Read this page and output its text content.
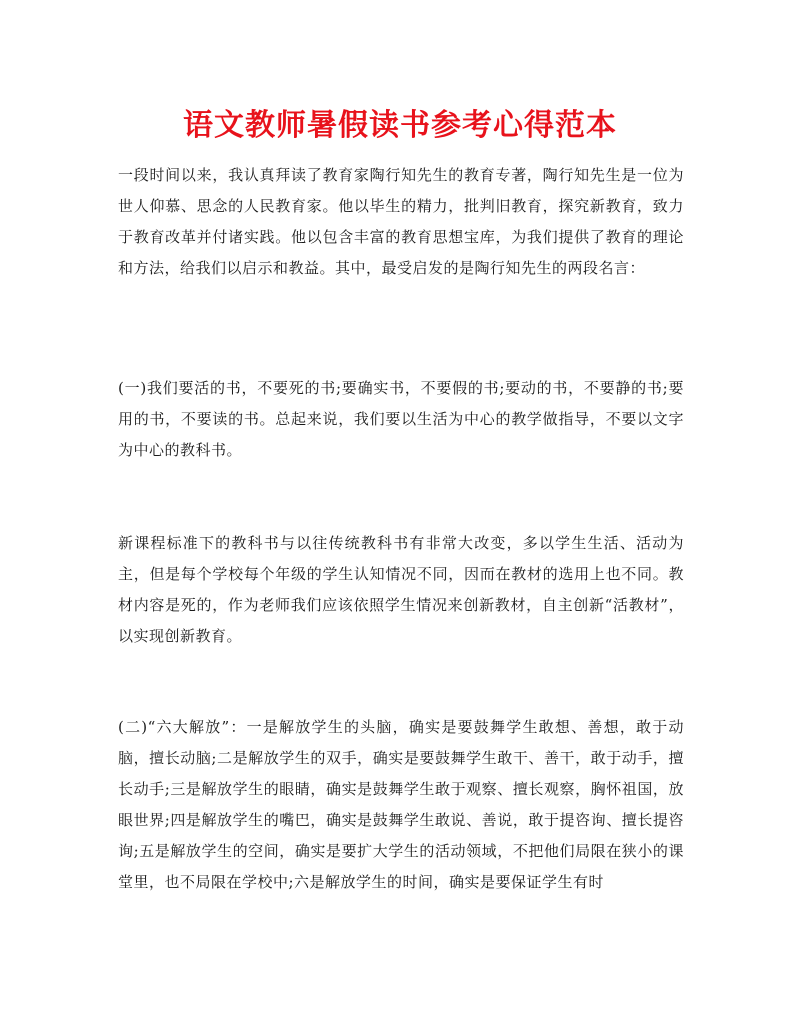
语文教师暑假读书参考心得范本

一段时间以来，我认真拜读了教育家陶行知先生的教育专著，陶行知先生是一位为世人仰慕、思念的人民教育家。他以毕生的精力，批判旧教育，探究新教育，致力于教育改革并付诸实践。他以包含丰富的教育思想宝库，为我们提供了教育的理论和方法，给我们以启示和教益。其中，最受启发的是陶行知先生的两段名言：

(一)我们要活的书，不要死的书;要确实书，不要假的书;要动的书，不要静的书;要用的书，不要读的书。总起来说，我们要以生活为中心的教学做指导，不要以文字为中心的教科书。

新课程标准下的教科书与以往传统教科书有非常大改变，多以学生生活、活动为主，但是每个学校每个年级的学生认知情况不同，因而在教材的选用上也不同。教材内容是死的，作为老师我们应该依照学生情况来创新教材，自主创新“活教材”，以实现创新教育。

(二)“六大解放”：一是解放学生的头脑，确实是要鼓舞学生敢想、善想，敢于动脑，擅长动脑;二是解放学生的双手，确实是要鼓舞学生敢干、善干，敢于动手，擅长动手;三是解放学生的眼睛，确实是鼓舞学生敢于观察、擅长观察，胸怀祖国，放眼世界;四是解放学生的嘴巴，确实是鼓舞学生敢说、善说，敢于提咨询、擅长提咨询;五是解放学生的空间，确实是要扩大学生的活动领域，不把他们局限在狭小的课堂里，也不局限在学校中;六是解放学生的时间，确实是要保证学生有时
